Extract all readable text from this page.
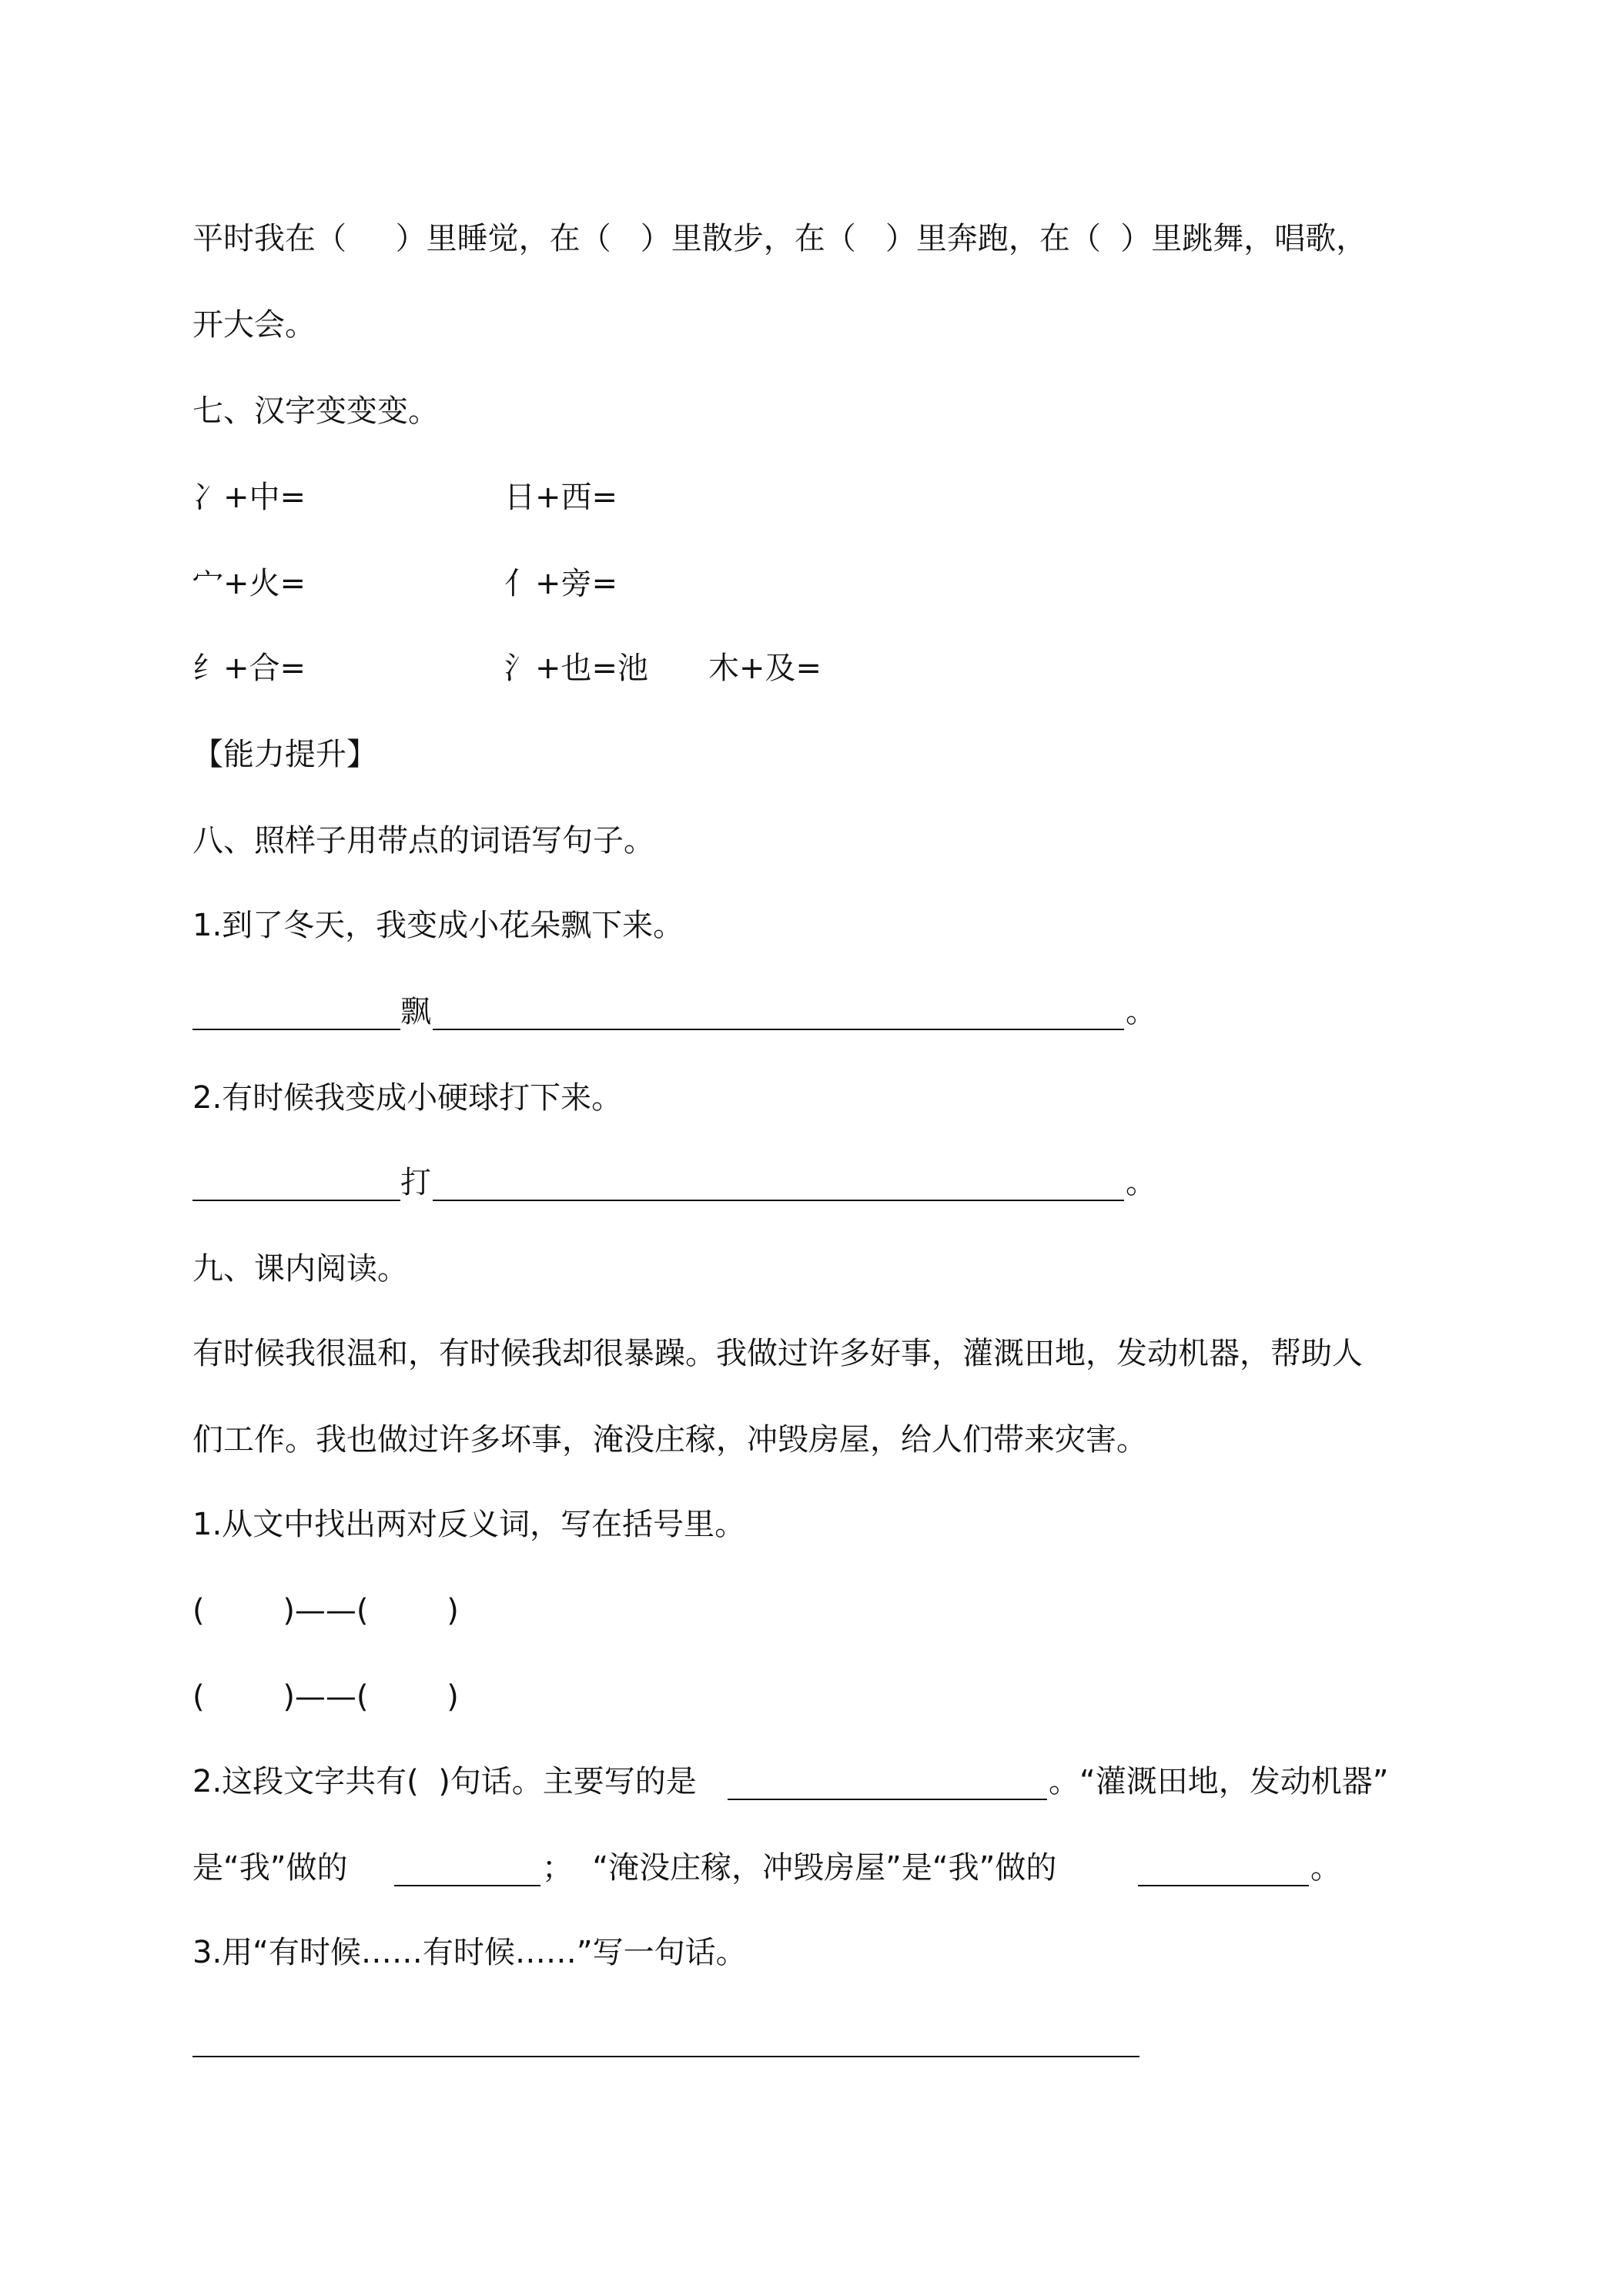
平时我在（     ）里睡觉，在（   ）里散步，在（   ）里奔跑，在（  ）里跳舞，唱歌，
开大会。
七、汉字变变变。
冫+中=	日+西=
宀+火=	亻+旁=
纟+合=	氵+也=池 木+及=
【能力提升】
八、照样子用带点的词语写句子。
1.到了冬天，我变成小花朵飘下来。
飘	。
2.有时候我变成小硬球打下来。
打	。
九、课内阅读。
有时候我很温和，有时候我却很暴躁。我做过许多好事，灌溉田地，发动机器，帮助人
们工作。我也做过许多坏事，淹没庄稼，冲毁房屋，给人们带来灾害。
1.从文中找出两对反义词，写在括号里。
(        )——(        )
(        )——(        )
2.这段文字共有(  )句话。主要写的是	。“灌溉田地，发动机器”
是“我”做的	；  “淹没庄稼，冲毁房屋”是“我”做的	。
3.用“有时候……有时候……”写一句话。
